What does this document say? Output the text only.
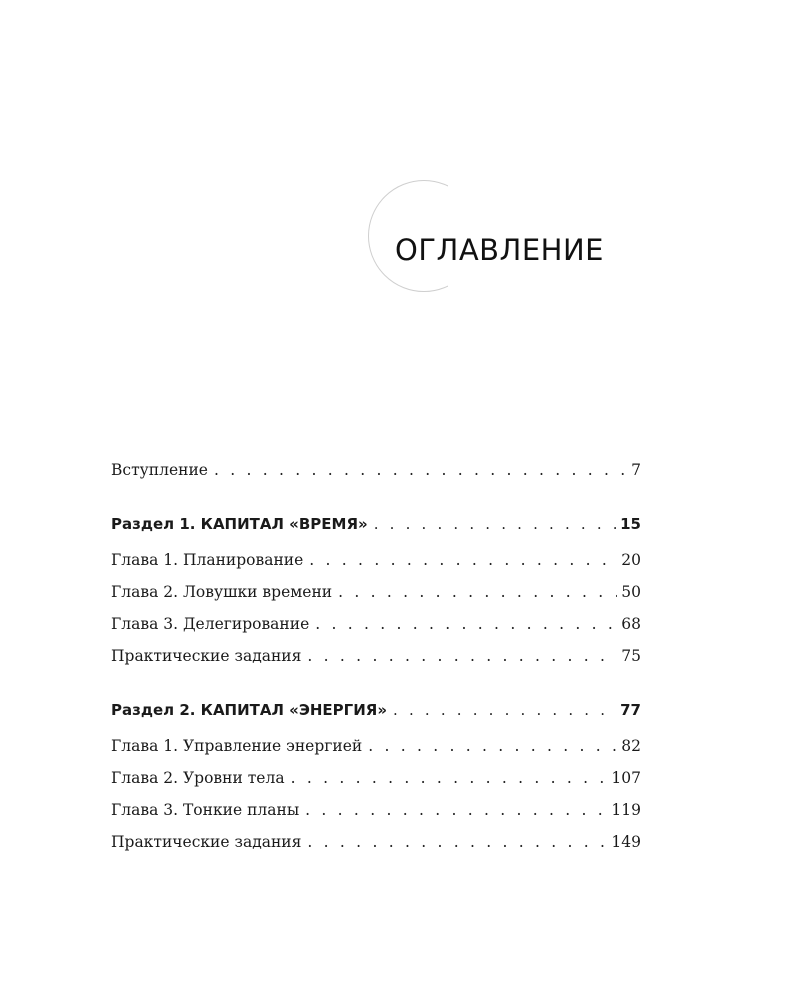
ОГЛАВЛЕНИЕ
Вступление . . .	7
Раздел 1. КАПИТАЛ «ВРЕМЯ» . . .	15
Глава 1. Планирование . . .	20
Глава 2. Ловушки времени . . .	50
Глава 3. Делегирование . . .	68
Практические задания . . .	75
Раздел 2. КАПИТАЛ «ЭНЕРГИЯ» . . .	77
Глава 1. Управление энергией . . .	82
Глава 2. Уровни тела . . .	107
Глава 3. Тонкие планы . . .	119
Практические задания . . .	149
